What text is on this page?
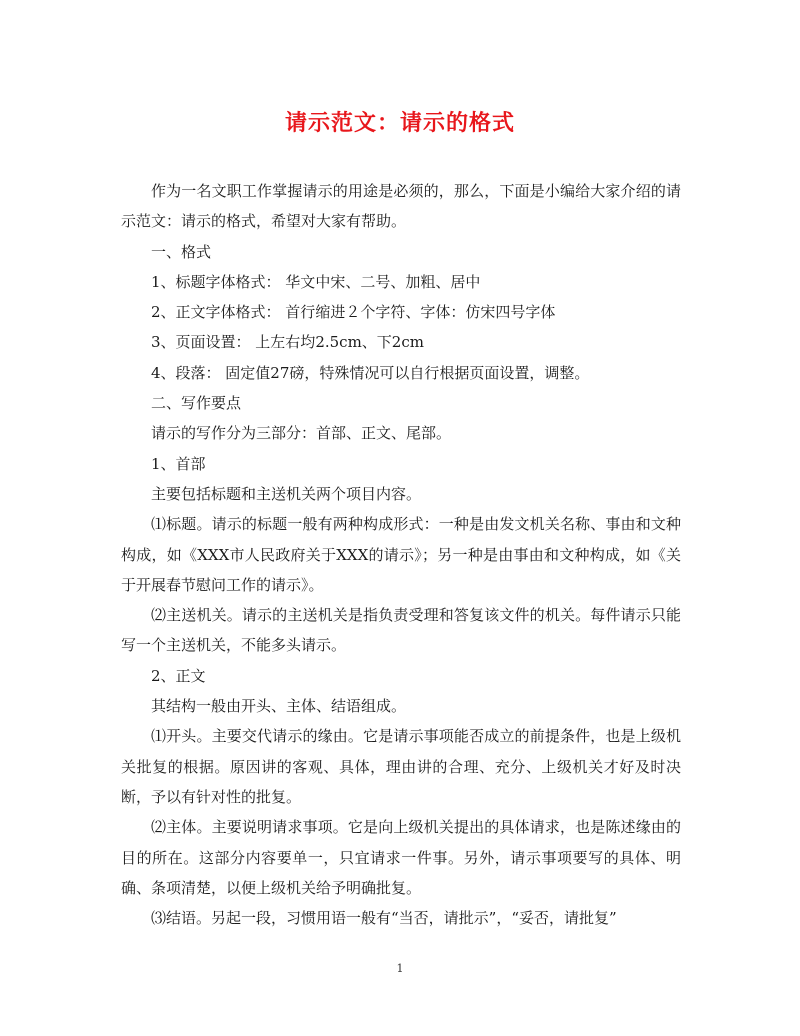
请示范文：请示的格式

作为一名文职工作掌握请示的用途是必须的，那么，下面是小编给大家介绍的请示范文：请示的格式，希望对大家有帮助。

一、格式

1、标题字体格式： 华文中宋、二号、加粗、居中

2、正文字体格式： 首行缩进２个字符、字体：仿宋四号字体

3、页面设置： 上左右均2.5cm、下2cm

4、段落： 固定值27磅，特殊情况可以自行根据页面设置，调整。

二、写作要点

请示的写作分为三部分：首部、正文、尾部。

1、首部

主要包括标题和主送机关两个项目内容。

⑴标题。请示的标题一般有两种构成形式：一种是由发文机关名称、事由和文种构成，如《XXX市人民政府关于XXX的请示》；另一种是由事由和文种构成，如《关于开展春节慰问工作的请示》。

⑵主送机关。请示的主送机关是指负责受理和答复该文件的机关。每件请示只能写一个主送机关，不能多头请示。

2、正文

其结构一般由开头、主体、结语组成。

⑴开头。主要交代请示的缘由。它是请示事项能否成立的前提条件，也是上级机关批复的根据。原因讲的客观、具体，理由讲的合理、充分、上级机关才好及时决断，予以有针对性的批复。

⑵主体。主要说明请求事项。它是向上级机关提出的具体请求，也是陈述缘由的目的所在。这部分内容要单一，只宜请求一件事。另外，请示事项要写的具体、明确、条项清楚，以便上级机关给予明确批复。

⑶结语。另起一段，习惯用语一般有“当否，请批示”，“妥否，请批复”

1
